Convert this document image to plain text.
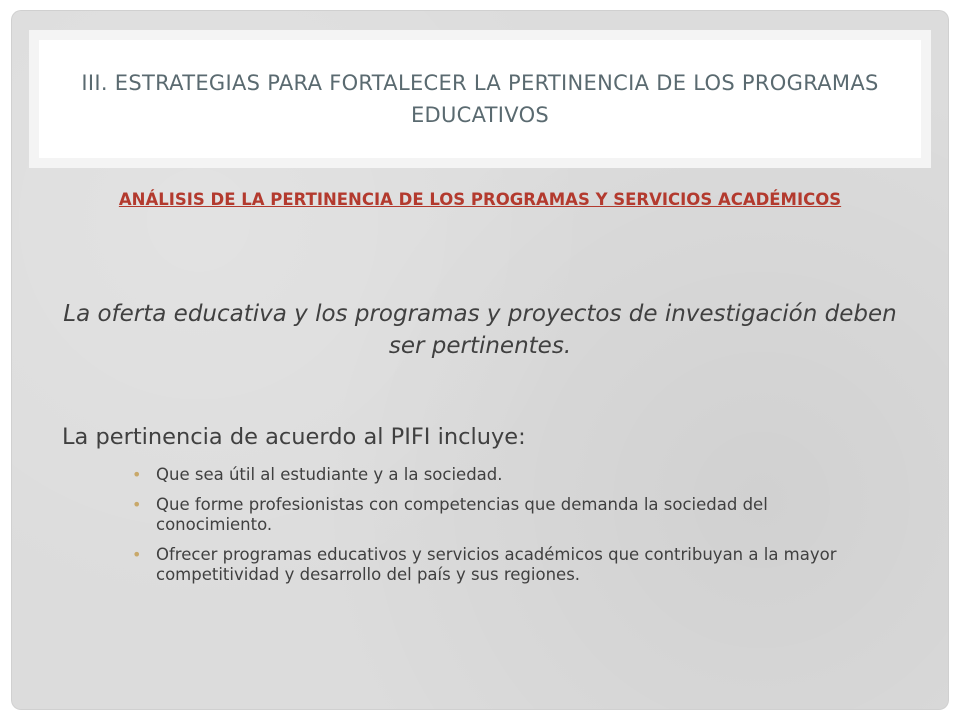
III. ESTRATEGIAS PARA FORTALECER LA PERTINENCIA DE LOS PROGRAMAS EDUCATIVOS
ANÁLISIS DE LA PERTINENCIA DE LOS PROGRAMAS Y SERVICIOS ACADÉMICOS
La oferta educativa y los programas y proyectos de investigación deben ser pertinentes.
La pertinencia de acuerdo al PIFI incluye:
• Que sea útil al estudiante y a la sociedad.
• Que forme profesionistas con competencias que demanda la sociedad del conocimiento.
• Ofrecer programas educativos y servicios académicos que contribuyan a la mayor competitividad y desarrollo del país y sus regiones.
